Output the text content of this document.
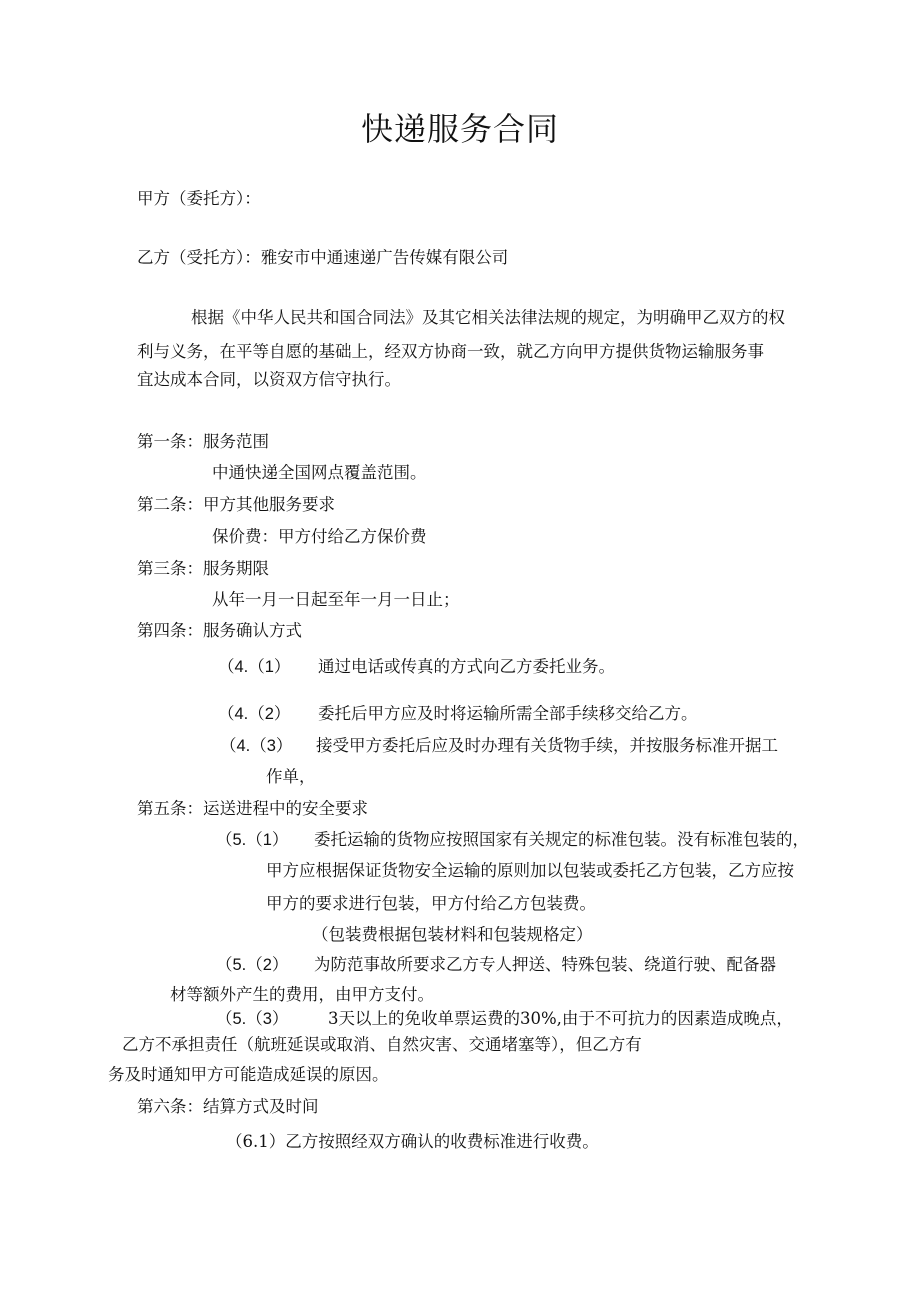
快递服务合同
甲方（委托方）：
乙方（受托方）：雅安市中通速递广告传媒有限公司
根据《中华人民共和国合同法》及其它相关法律法规的规定，为明确甲乙双方的权
利与义务，在平等自愿的基础上，经双方协商一致，就乙方向甲方提供货物运输服务事
宜达成本合同，以资双方信守执行。
第一条：服务范围
中通快递全国网点覆盖范围。
第二条：甲方其他服务要求
保价费：甲方付给乙方保价费
第三条：服务期限
从年一月一日起至年一月一日止；
第四条：服务确认方式
（4.（1） 通过电话或传真的方式向乙方委托业务。
（4.（2） 委托后甲方应及时将运输所需全部手续移交给乙方。
（4.（3） 接受甲方委托后应及时办理有关货物手续，并按服务标准开据工
作单，
第五条：运送进程中的安全要求
（5.（1） 委托运输的货物应按照国家有关规定的标准包装。没有标准包装的，
甲方应根据保证货物安全运输的原则加以包装或委托乙方包装，乙方应按
甲方的要求进行包装，甲方付给乙方包装费。
（包装费根据包装材料和包装规格定）
（5.（2） 为防范事故所要求乙方专人押送、特殊包装、绕道行驶、配备器
材等额外产生的费用，由甲方支付。
（5.（3） 3天以上的免收单票运费的30%,由于不可抗力的因素造成晚点，
乙方不承担责任（航班延误或取消、自然灾害、交通堵塞等），但乙方有
务及时通知甲方可能造成延误的原因。
第六条：结算方式及时间
（6.1）乙方按照经双方确认的收费标准进行收费。
